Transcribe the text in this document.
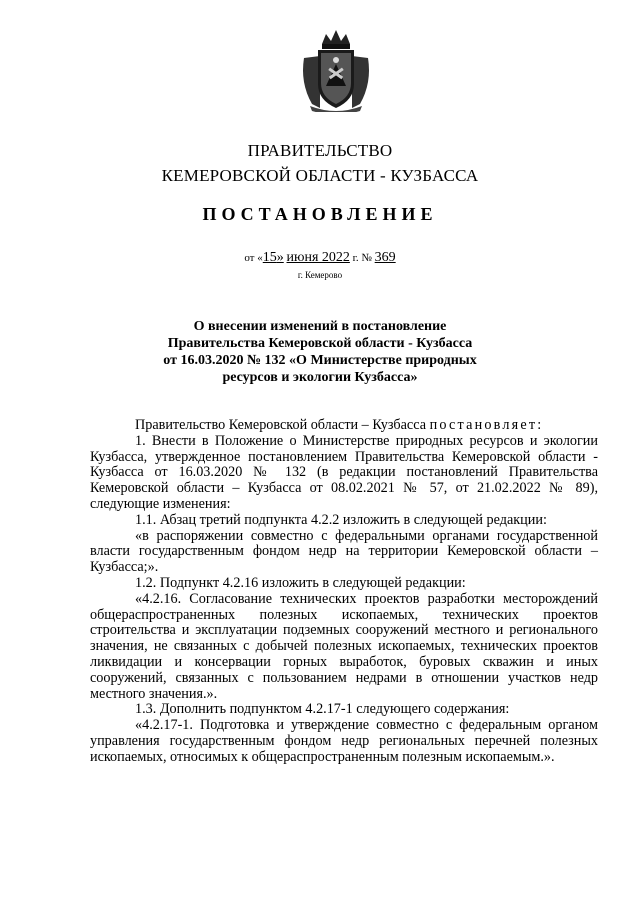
ПРАВИТЕЛЬСТВО
КЕМЕРОВСКОЙ ОБЛАСТИ - КУЗБАССА
ПОСТАНОВЛЕНИЕ
от «15» июня 2022 г. № 369
г. Кемерово
О внесении изменений в постановление
Правительства Кемеровской области - Кузбасса
от 16.03.2020 № 132 «О Министерстве природных
ресурсов и экологии Кузбасса»

Правительство Кемеровской области – Кузбасса постановляет:

1. Внести в Положение о Министерстве природных ресурсов и экологии Кузбасса, утвержденное постановлением Правительства Кемеровской области - Кузбасса от 16.03.2020 № 132 (в редакции постановлений Правительства Кемеровской области – Кузбасса от 08.02.2021 № 57, от 21.02.2022 № 89), следующие изменения:

1.1. Абзац третий подпункта 4.2.2 изложить в следующей редакции:

«в распоряжении совместно с федеральными органами государственной власти государственным фондом недр на территории Кемеровской области – Кузбасса;».

1.2. Подпункт 4.2.16 изложить в следующей редакции:

«4.2.16. Согласование технических проектов разработки месторождений общераспространенных полезных ископаемых, технических проектов строительства и эксплуатации подземных сооружений местного и регионального значения, не связанных с добычей полезных ископаемых, технических проектов ликвидации и консервации горных выработок, буровых скважин и иных сооружений, связанных с пользованием недрами в отношении участков недр местного значения.».

1.3. Дополнить подпунктом 4.2.17-1 следующего содержания:

«4.2.17-1. Подготовка и утверждение совместно с федеральным органом управления государственным фондом недр региональных перечней полезных ископаемых, относимых к общераспространенным полезным ископаемым.».
